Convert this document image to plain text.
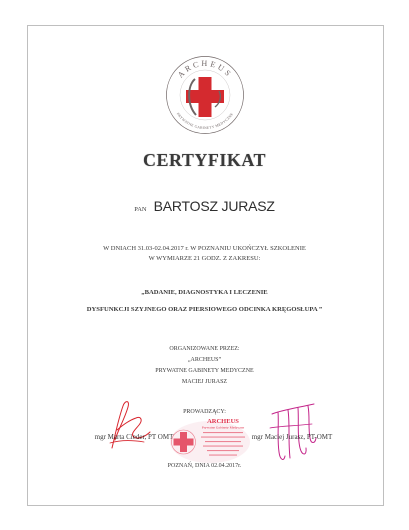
ARCHEUS
PRYWATNE GABINETY MEDYCZNE
CERTYFIKAT
PAN BARTOSZ JURASZ
W DNIACH 31.03-02.04.2017 r. W POZNANIU UKOŃCZYŁ SZKOLENIE
W WYMIARZE 21 GODZ. Z ZAKRESU:
„BADANIE, DIAGNOSTYKA I LECZENIE
DYSFUNKCJI SZYJNEGO ORAZ PIERSIOWEGO ODCINKA KRĘGOSŁUPA ”
ORGANIZOWANE PRZEZ:
„ARCHEUS”
PRYWATNE GABINETY MEDYCZNE
MACIEJ JURASZ
PROWADZĄCY:
mgr Marta Cieder, PT OMT	mgr Maciej Jurasz, PT-OMT
ARCHEUS
Prywatne Gabinety Medyczne
POZNAŃ, DNIA 02.04.2017r.
